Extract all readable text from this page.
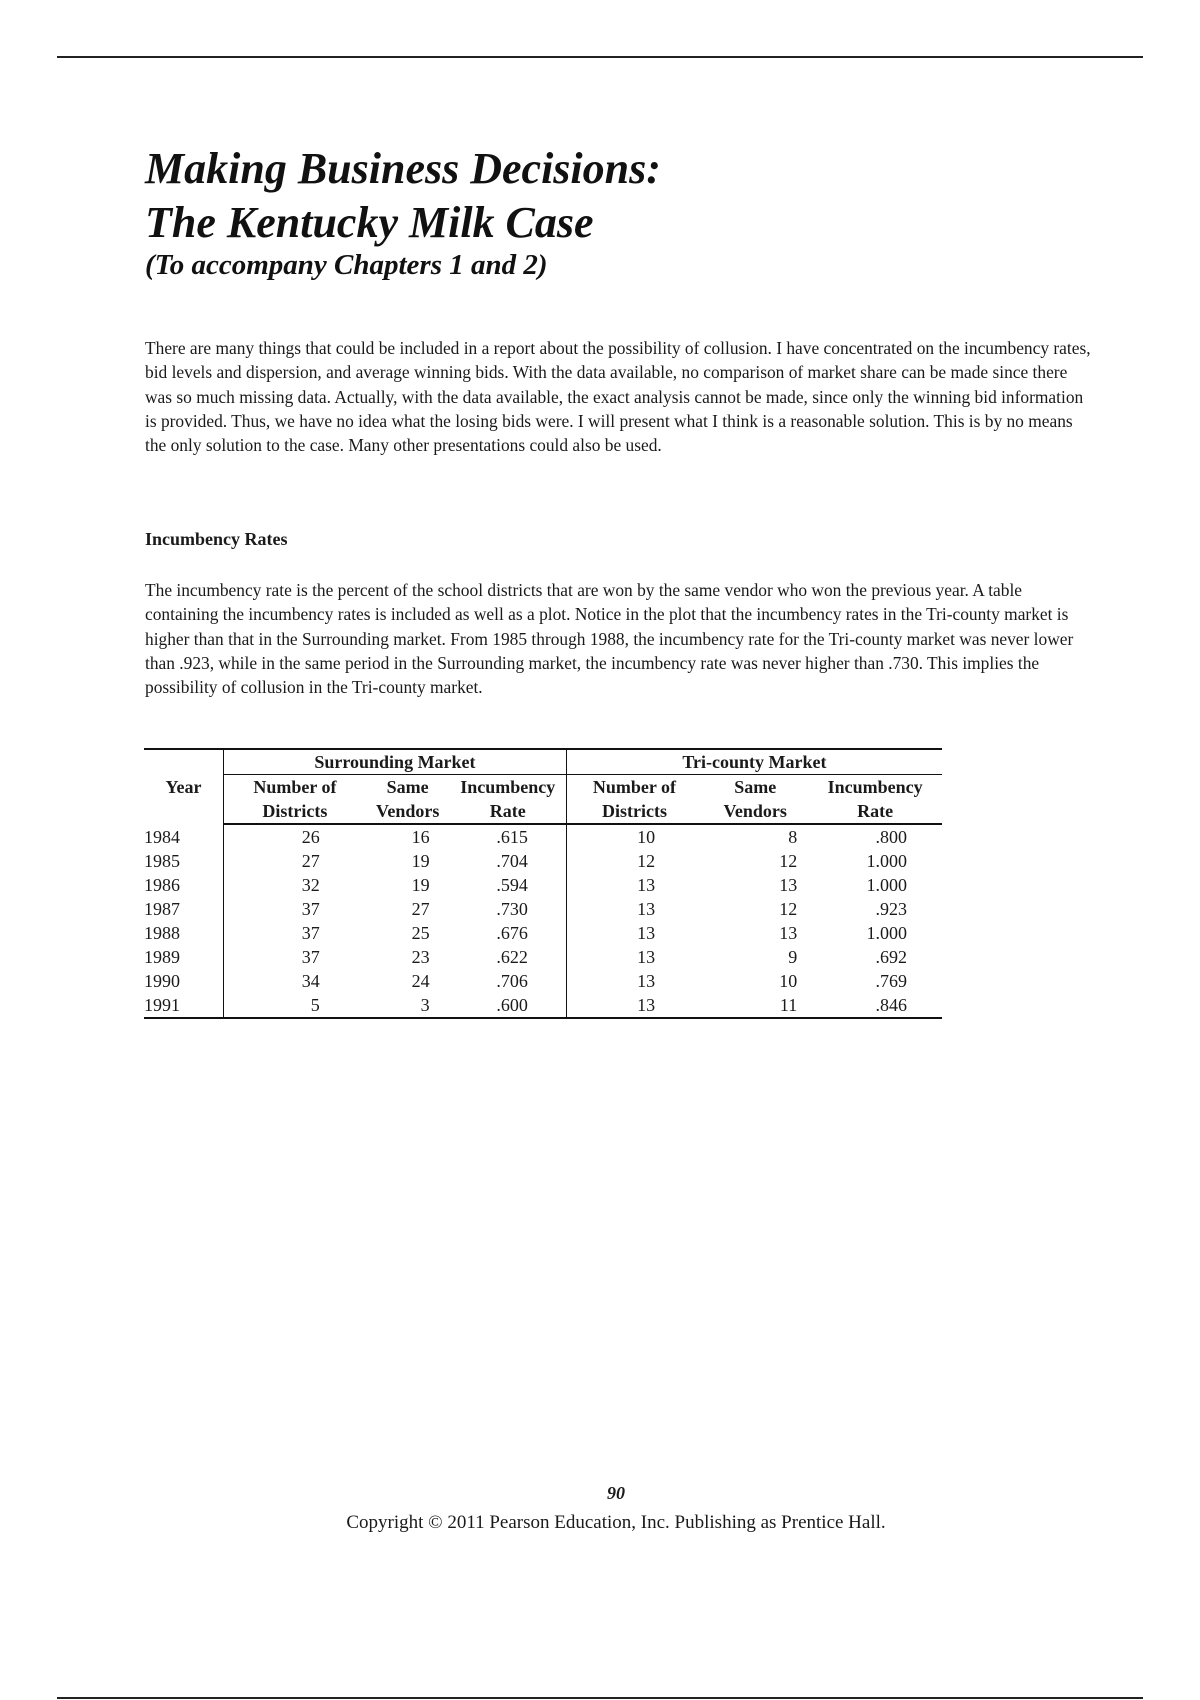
Making Business Decisions:
The Kentucky Milk Case
(To accompany Chapters 1 and 2)

There are many things that could be included in a report about the possibility of collusion. I have concentrated on the incumbency rates, bid levels and dispersion, and average winning bids. With the data available, no comparison of market share can be made since there was so much missing data. Actually, with the data available, the exact analysis cannot be made, since only the winning bid information is provided. Thus, we have no idea what the losing bids were. I will present what I think is a reasonable solution. This is by no means the only solution to the case. Many other presentations could also be used.

Incumbency Rates

The incumbency rate is the percent of the school districts that are won by the same vendor who won the previous year. A table containing the incumbency rates is included as well as a plot. Notice in the plot that the incumbency rates in the Tri-county market is higher than that in the Surrounding market. From 1985 through 1988, the incumbency rate for the Tri-county market was never lower than .923, while in the same period in the Surrounding market, the incumbency rate was never higher than .730. This implies the possibility of collusion in the Tri-county market.

Year	Surrounding Market			Tri-county Market		
	Number of	Same	Incumbency	Number of	Same	Incumbency
	Districts	Vendors	Rate	Districts	Vendors	Rate
1984	26	16	.615	10	8	.800
1985	27	19	.704	12	12	1.000
1986	32	19	.594	13	13	1.000
1987	37	27	.730	13	12	.923
1988	37	25	.676	13	13	1.000
1989	37	23	.622	13	9	.692
1990	34	24	.706	13	10	.769
1991	5	3	.600	13	11	.846
90
Copyright © 2011 Pearson Education, Inc. Publishing as Prentice Hall.
